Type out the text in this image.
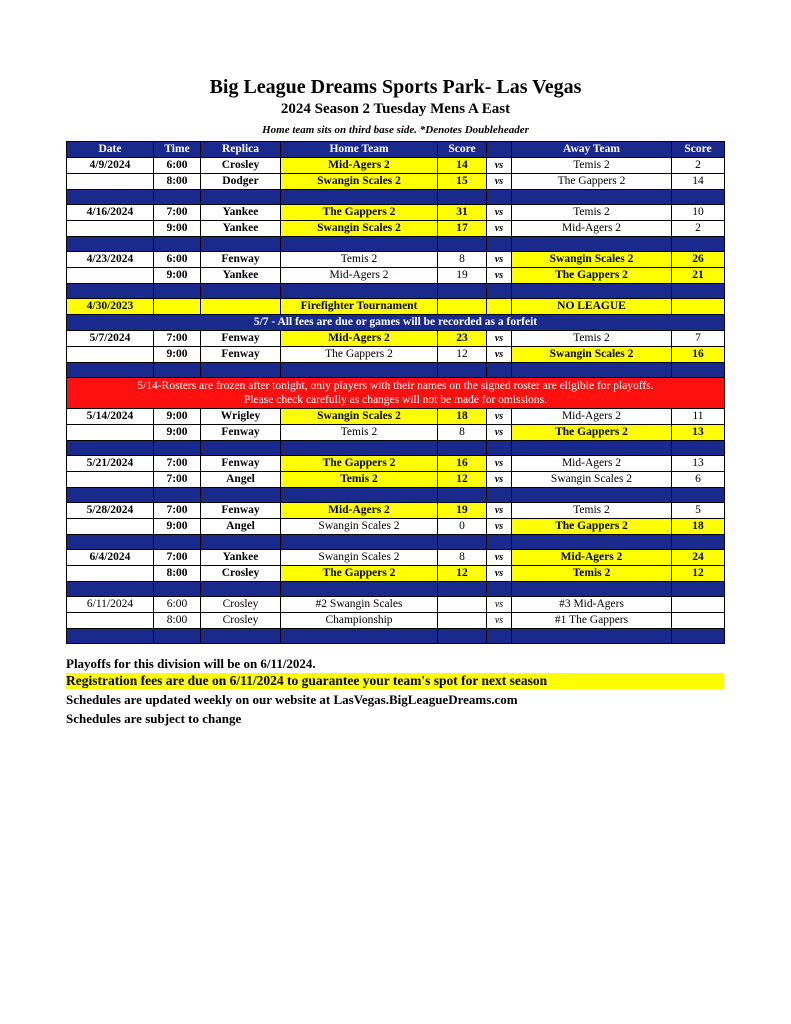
Big League Dreams Sports Park- Las Vegas
2024 Season 2 Tuesday Mens A East
Home team sits on third base side. *Denotes Doubleheader
Date	Time	Replica	Home Team	Score		Away Team	Score
4/9/2024	6:00	Crosley	Mid-Agers 2	14	vs	Temis 2	2
	8:00	Dodger	Swangin Scales 2	15	vs	The Gappers 2	14

4/16/2024	7:00	Yankee	The Gappers 2	31	vs	Temis 2	10
	9:00	Yankee	Swangin Scales 2	17	vs	Mid-Agers 2	2

4/23/2024	6:00	Fenway	Temis 2	8	vs	Swangin Scales 2	26
	9:00	Yankee	Mid-Agers 2	19	vs	The Gappers 2	21

4/30/2023			Firefighter Tournament			NO LEAGUE	
5/7 - All fees are due or games will be recorded as a forfeit							
5/7/2024	7:00	Fenway	Mid-Agers 2	23	vs	Temis 2	7
	9:00	Fenway	The Gappers 2	12	vs	Swangin Scales 2	16

5/14-Rosters are frozen after tonight, only players with their names on the signed roster are eligible for playoffs.
Please check carefully as changes will not be made for omissions.							

5/14/2024	9:00	Wrigley	Swangin Scales 2	18	vs	Mid-Agers 2	11
	9:00	Fenway	Temis 2	8	vs	The Gappers 2	13

5/21/2024	7:00	Fenway	The Gappers 2	16	vs	Mid-Agers 2	13
	7:00	Angel	Temis 2	12	vs	Swangin Scales 2	6

5/28/2024	7:00	Fenway	Mid-Agers 2	19	vs	Temis 2	5
	9:00	Angel	Swangin Scales 2	0	vs	The Gappers 2	18

6/4/2024	7:00	Yankee	Swangin Scales 2	8	vs	Mid-Agers 2	24
	8:00	Crosley	The Gappers 2	12	vs	Temis 2	12

6/11/2024	6:00	Crosley	#2 Swangin Scales		vs	#3 Mid-Agers	
	8:00	Crosley	Championship		vs	#1 The Gappers	

Playoffs for this division will be on 6/11/2024.
Registration fees are due on 6/11/2024 to guarantee your team's spot for next season
Schedules are updated weekly on our website at LasVegas.BigLeagueDreams.com
Schedules are subject to change
